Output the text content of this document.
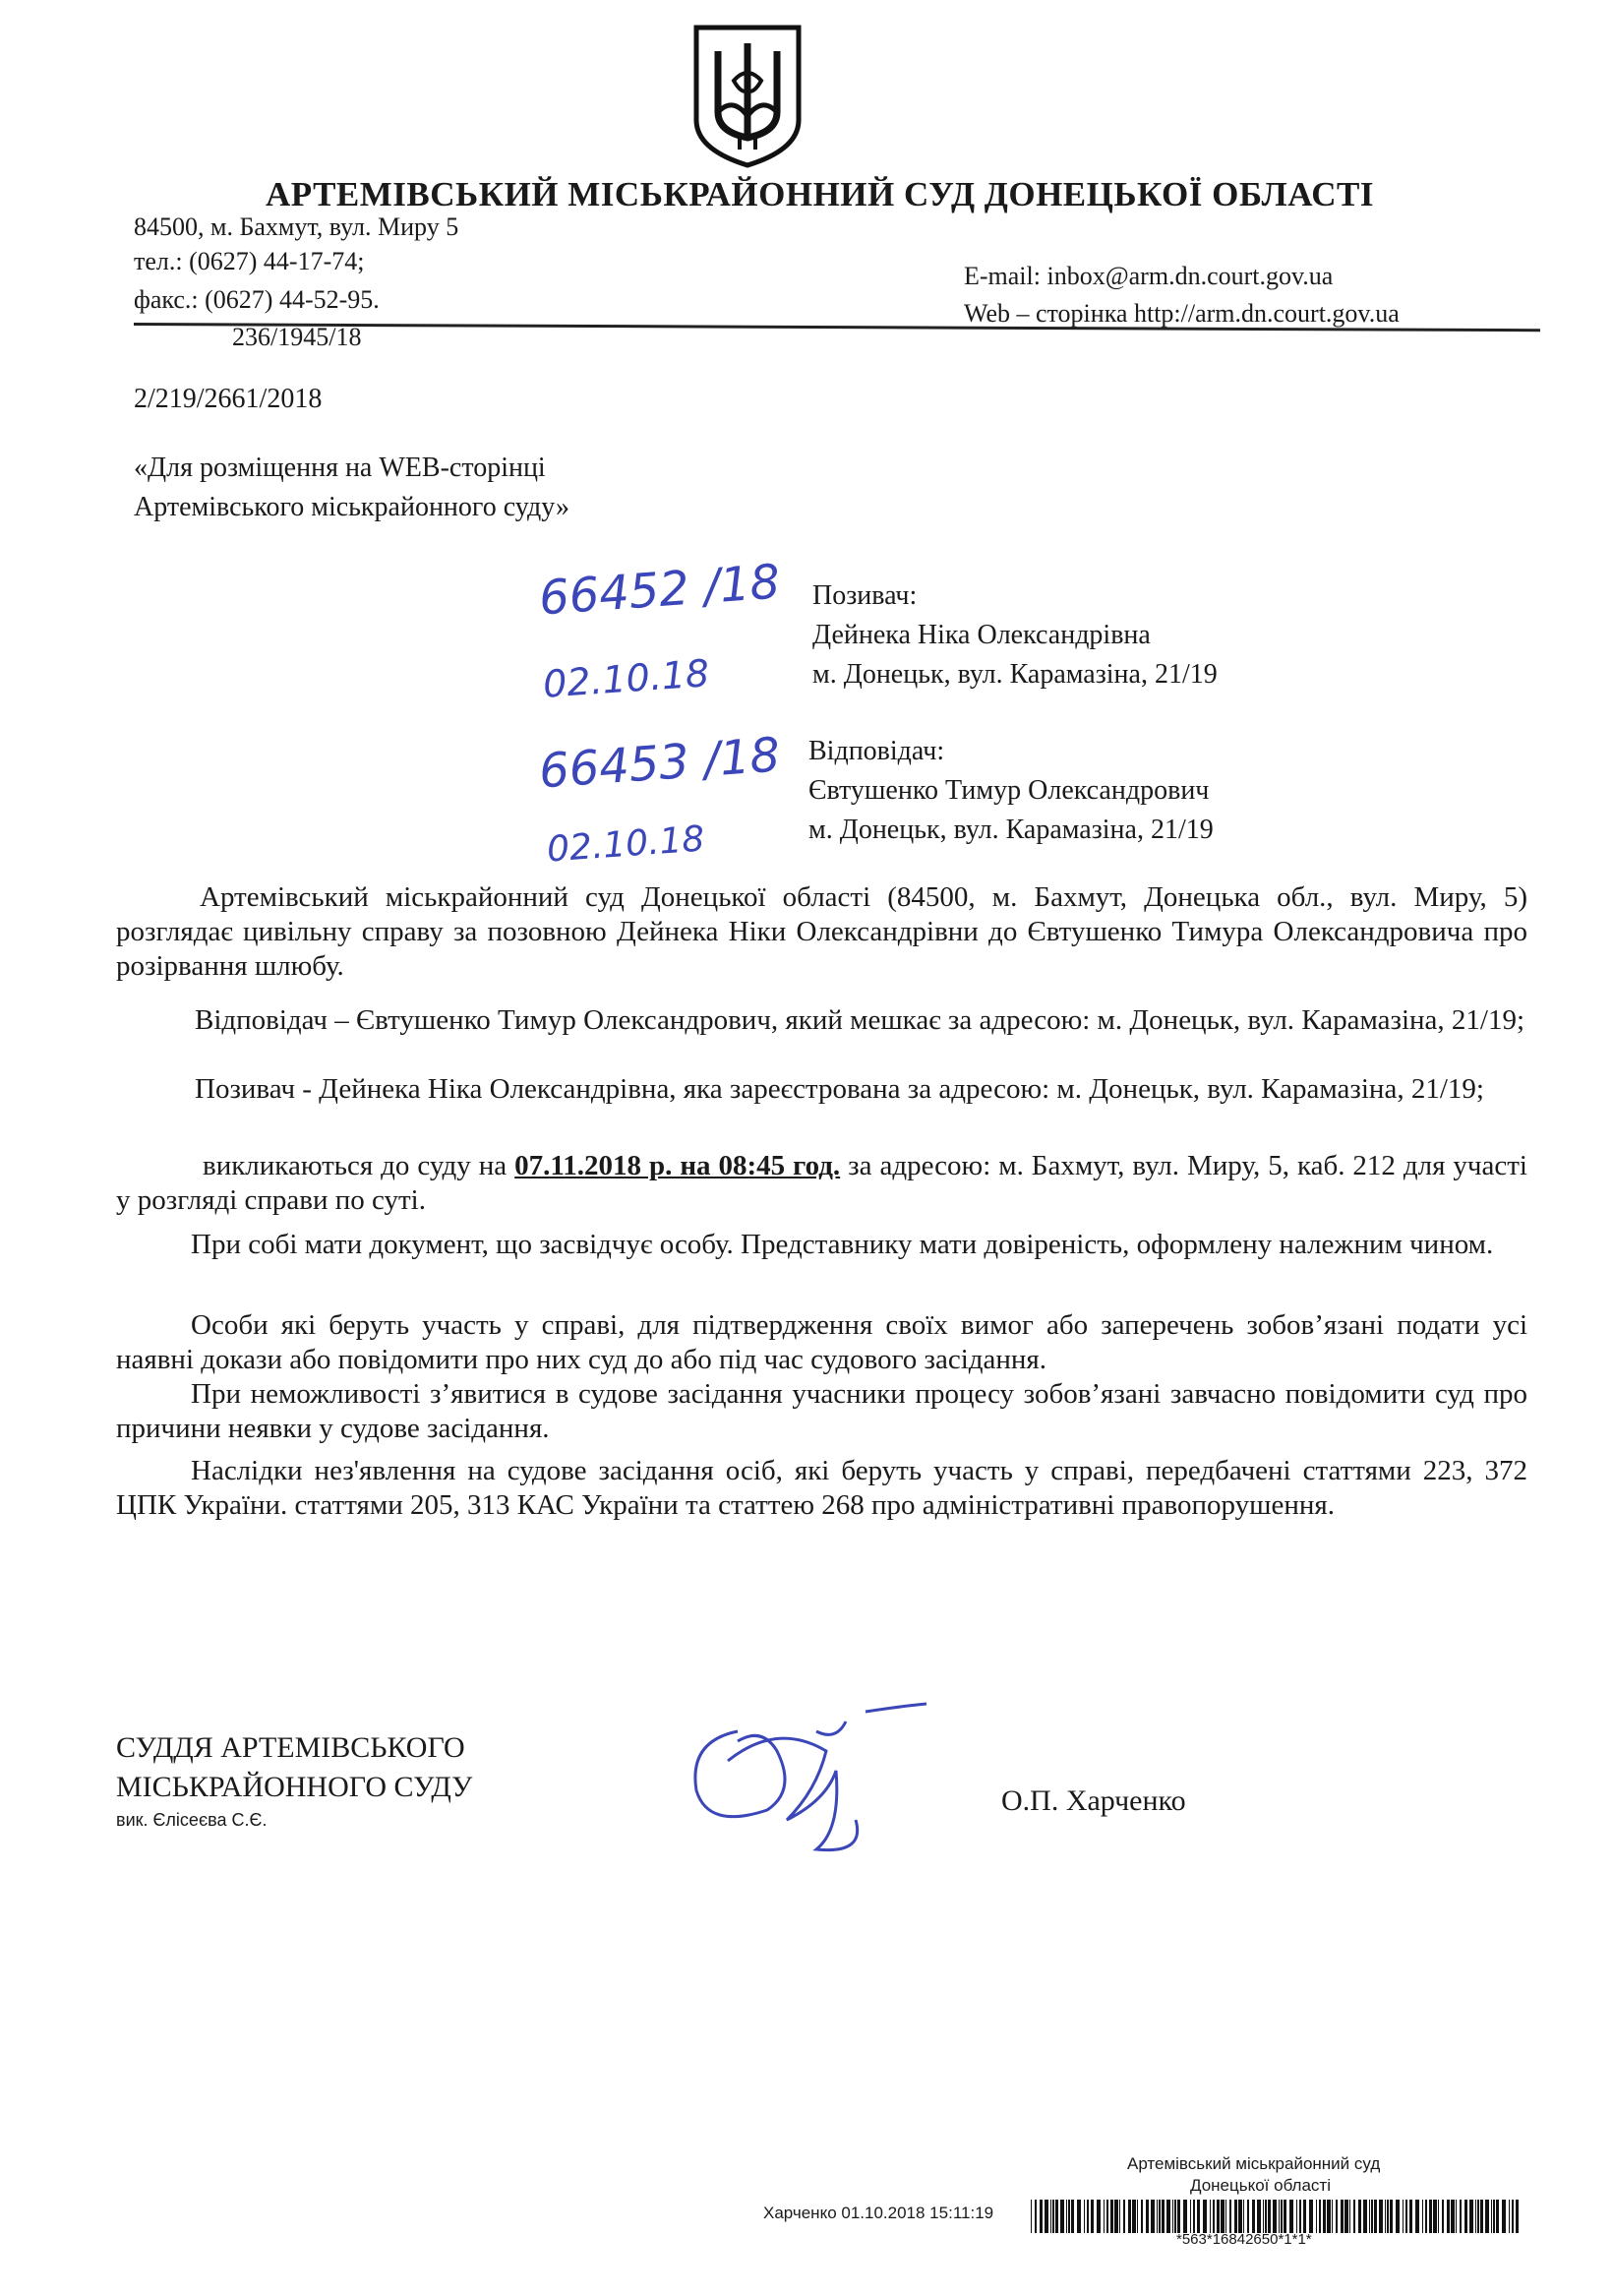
АРТЕМІВСЬКИЙ МІСЬКРАЙОННИЙ СУД ДОНЕЦЬКОЇ ОБЛАСТІ
84500, м. Бахмут, вул. Миру 5
тел.: (0627) 44-17-74;
факс.: (0627) 44-52-95.
E-mail: inbox@arm.dn.court.gov.ua
Web – сторінка http://arm.dn.court.gov.ua
236/1945/18
2/219/2661/2018
«Для розміщення на WEB-сторінці
Артемівського міськрайонного суду»
66452 /18
02.10.18
66453 /18
02.10.18
Позивач:
Дейнека Ніка Олександрівна
м. Донецьк, вул. Карамазіна, 21/19
Відповідач:
Євтушенко Тимур Олександрович
м. Донецьк, вул. Карамазіна, 21/19
Артемівський міськрайонний суд Донецької області (84500, м. Бахмут, Донецька обл., вул. Миру, 5) розглядає цивільну справу за позовною Дейнека Ніки Олександрівни до Євтушенко Тимура Олександровича про розірвання шлюбу.
Відповідач – Євтушенко Тимур Олександрович, який мешкає за адресою: м. Донецьк, вул. Карамазіна, 21/19;
Позивач - Дейнека Ніка Олександрівна, яка зареєстрована за адресою: м. Донецьк, вул. Карамазіна, 21/19;
викликаються до суду на 07.11.2018 р. на 08:45 год. за адресою: м. Бахмут, вул. Миру, 5, каб. 212 для участі у розгляді справи по суті.
При собі мати документ, що засвідчує особу. Представнику мати довіреність, оформлену належним чином.
Особи які беруть участь у справі, для підтвердження своїх вимог або заперечень зобов’язані подати усі наявні докази або повідомити про них суд до або під час судового засідання.
При неможливості з’явитися в судове засідання учасники процесу зобов’язані завчасно повідомити суд про причини неявки у судове засідання.
Наслідки нез'явлення на судове засідання осіб, які беруть участь у справі, передбачені статтями 223, 372 ЦПК України. статтями 205, 313 КАС України та статтею 268 про адміністративні правопорушення.
СУДДЯ АРТЕМІВСЬКОГО
МІСЬКРАЙОННОГО СУДУ
вик. Єлісеєва С.Є.
О.П. Харченко
Артемівський міськрайонний суд
Донецької області
Харченко 01.10.2018 15:11:19
*563*16842650*1*1*
